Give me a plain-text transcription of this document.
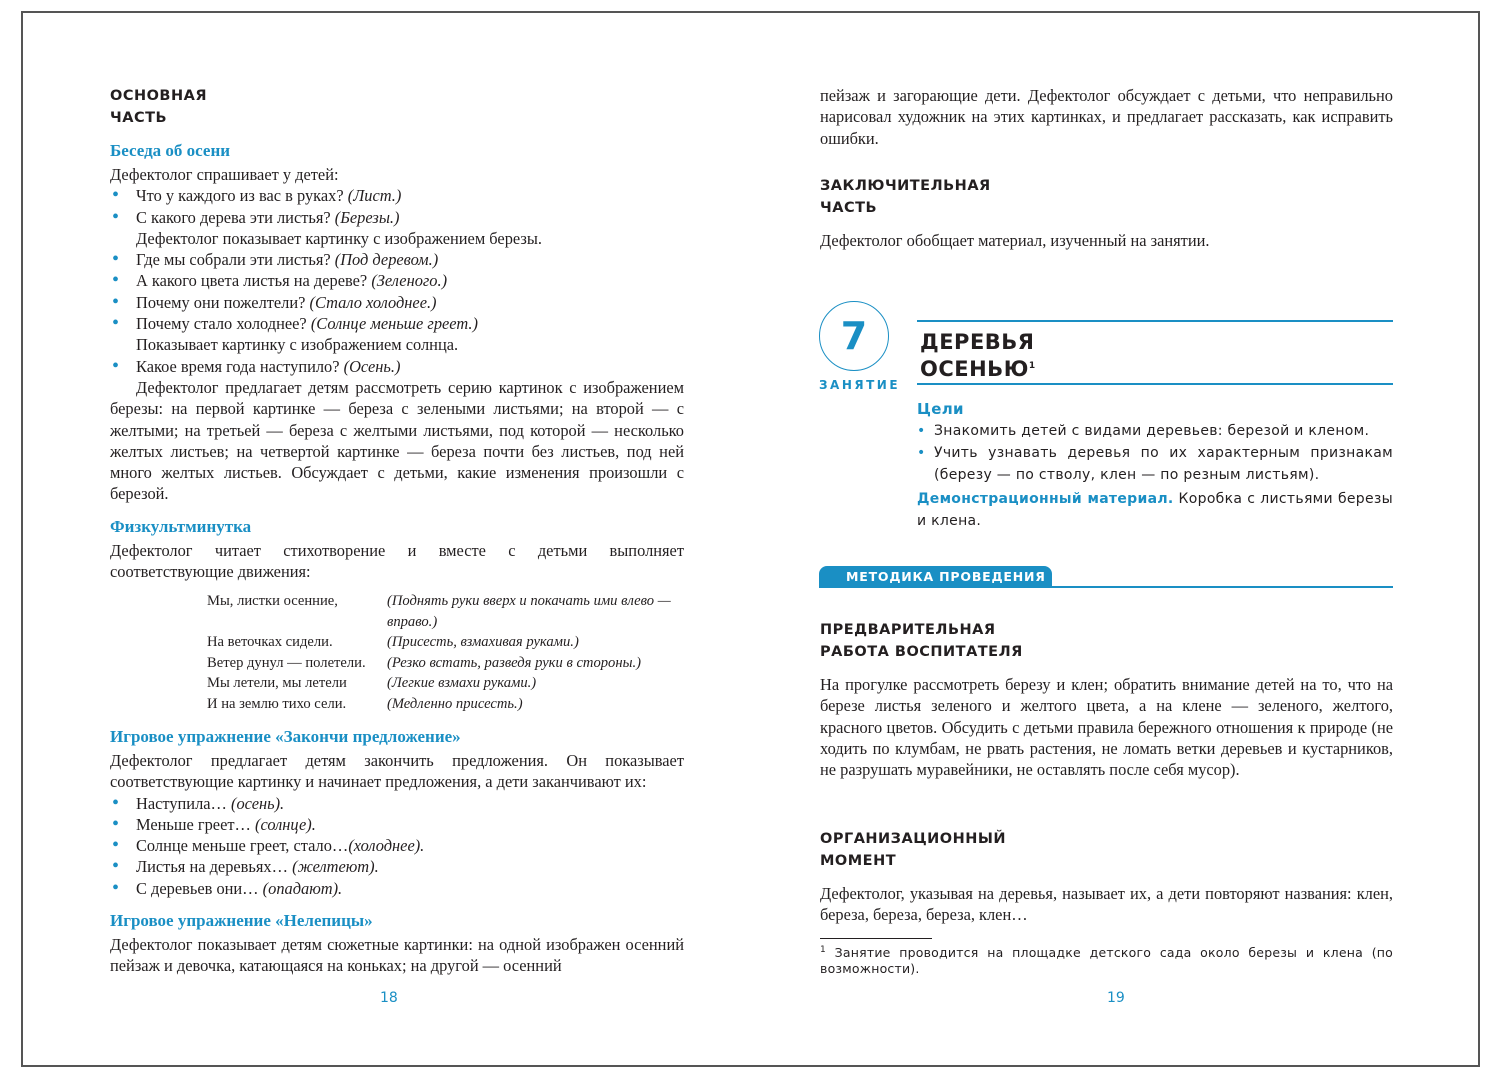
ОСНОВНАЯ
ЧАСТЬ
Беседа об осени
Дефектолог спрашивает у детей:
• Что у каждого из вас в руках? (Лист.)
• С какого дерева эти листья? (Березы.)
Дефектолог показывает картинку с изображением березы.
• Где мы собрали эти листья? (Под деревом.)
• А какого цвета листья на дереве? (Зеленого.)
• Почему они пожелтели? (Стало холоднее.)
• Почему стало холоднее? (Солнце меньше греет.)
Показывает картинку с изображением солнца.
• Какое время года наступило? (Осень.)
Дефектолог предлагает детям рассмотреть серию картинок с изображением березы: на первой картинке — береза с зелеными листьями; на второй — с желтыми; на третьей — береза с желтыми листьями, под которой — несколько желтых листьев; на четвертой картинке — береза почти без листьев, под ней много желтых листьев. Обсуждает с детьми, какие изменения произошли с березой.
Физкультминутка
Дефектолог читает стихотворение и вместе с детьми выполняет соответствующие движения:
Мы, листки осенние,	(Поднять руки вверх и покачать ими влево — вправо.)
На веточках сидели.	(Присесть, взмахивая руками.)
Ветер дунул — полетели.	(Резко встать, разведя руки в стороны.)
Мы летели, мы летели	(Легкие взмахи руками.)
И на землю тихо сели.	(Медленно присесть.)
Игровое упражнение «Закончи предложение»
Дефектолог предлагает детям закончить предложения. Он показывает соответствующие картинку и начинает предложения, а дети заканчивают их:
• Наступила… (осень).
• Меньше греет… (солнце).
• Солнце меньше греет, стало…(холоднее).
• Листья на деревьях… (желтеют).
• С деревьев они… (опадают).
Игровое упражнение «Нелепицы»
Дефектолог показывает детям сюжетные картинки: на одной изображен осенний пейзаж и девочка, катающаяся на коньках; на другой — осенний
18
пейзаж и загорающие дети. Дефектолог обсуждает с детьми, что неправильно нарисовал художник на этих картинках, и предлагает рассказать, как исправить ошибки.
ЗАКЛЮЧИТЕЛЬНАЯ
ЧАСТЬ
Дефектолог обобщает материал, изученный на занятии.
7
ЗАНЯТИЕ
ДЕРЕВЬЯ
ОСЕНЬЮ$^1$
Цели
• Знакомить детей с видами деревьев: березой и кленом.
• Учить узнавать деревья по их характерным признакам (березу — по стволу, клен — по резным листьям).
Демонстрационный материал. Коробка с листьями березы и клена.
МЕТОДИКА ПРОВЕДЕНИЯ
ПРЕДВАРИТЕЛЬНАЯ
РАБОТА ВОСПИТАТЕЛЯ
На прогулке рассмотреть березу и клен; обратить внимание детей на то, что на березе листья зеленого и желтого цвета, а на клене — зеленого, желтого, красного цветов. Обсудить с детьми правила бережного отношения к природе (не ходить по клумбам, не рвать растения, не ломать ветки деревьев и кустарников, не разрушать муравейники, не оставлять после себя мусор).
ОРГАНИЗАЦИОННЫЙ
МОМЕНТ
Дефектолог, указывая на деревья, называет их, а дети повторяют названия: клен, береза, береза, береза, клен…
$^1$ Занятие проводится на площадке детского сада около березы и клена (по возможности).
19
